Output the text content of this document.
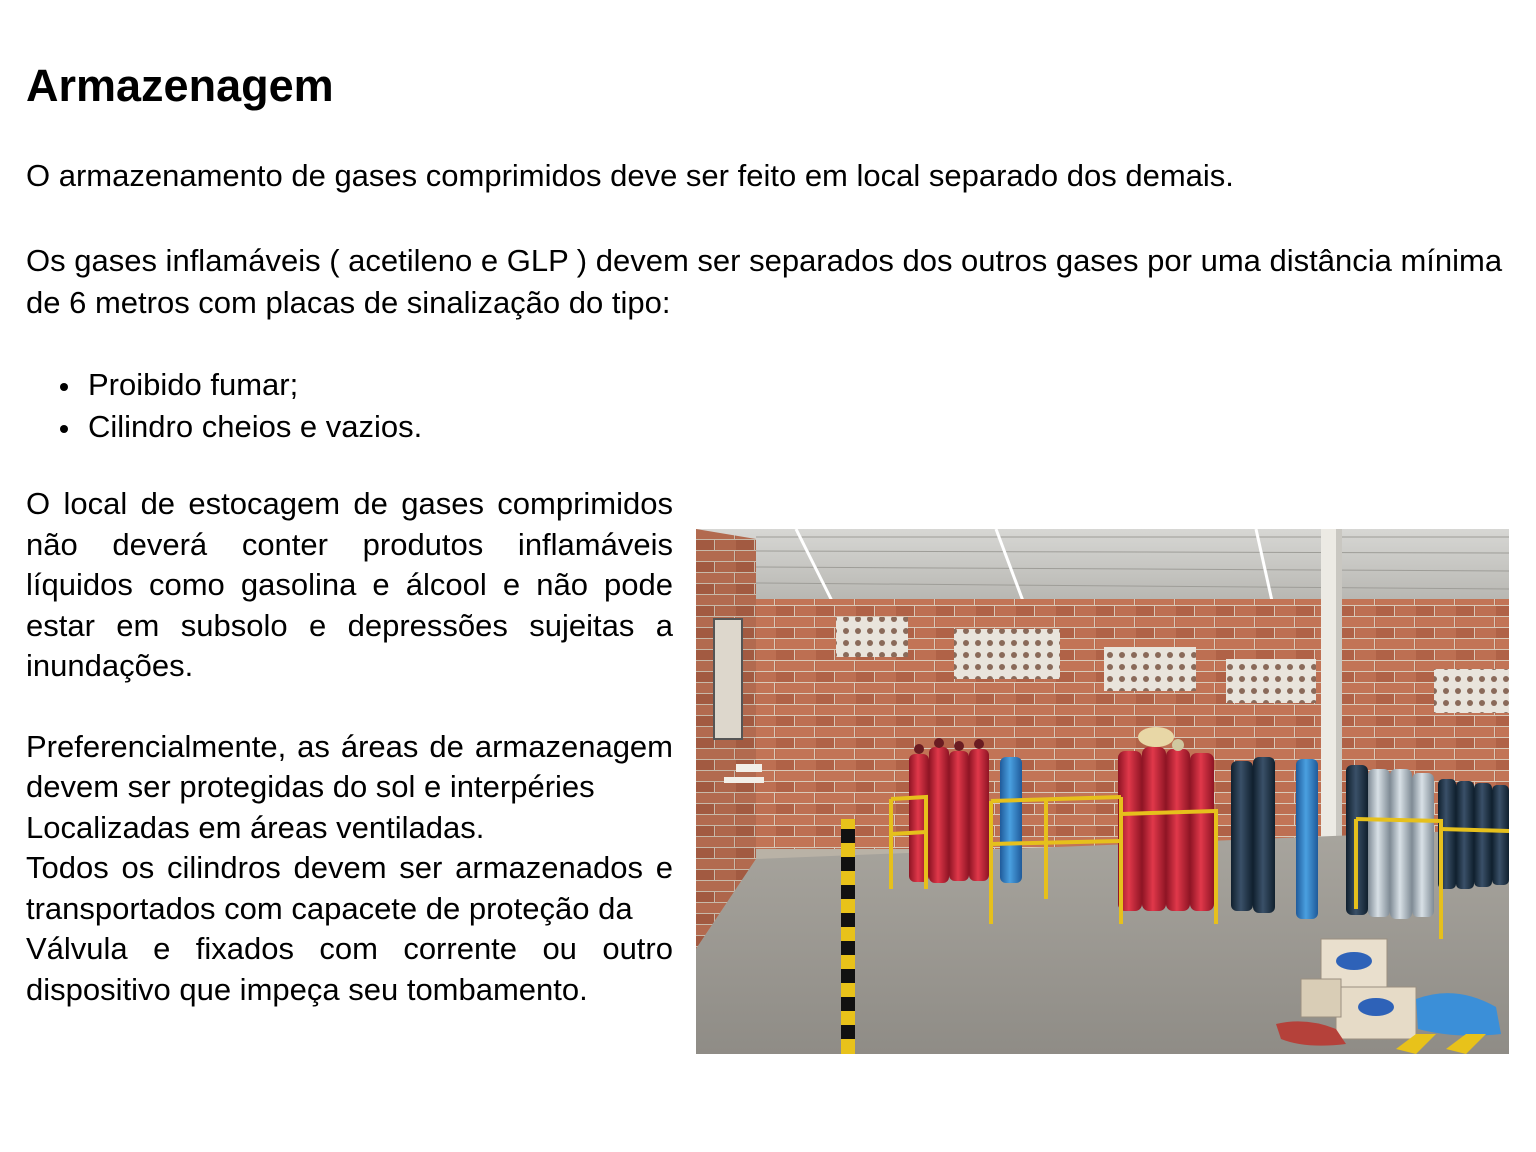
Armazenagem

O armazenamento de gases comprimidos deve ser feito em local separado dos demais.

Os gases inflamáveis ( acetileno e GLP ) devem ser separados dos outros gases por uma distância mínima de 6 metros com placas de sinalização do tipo:

Proibido fumar;
Cilindro cheios e vazios.

O local de estocagem de gases comprimidos não deverá conter produtos inflamáveis líquidos como gasolina e álcool e não pode estar em subsolo e depressões sujeitas a inundações.

Preferencialmente, as áreas de armazenagem devem ser protegidas do sol e interpéries

Localizadas em áreas ventiladas.

Todos os cilindros devem ser armazenados e transportados com capacete de proteção da

Válvula e fixados com corrente ou outro dispositivo que impeça seu tombamento.
